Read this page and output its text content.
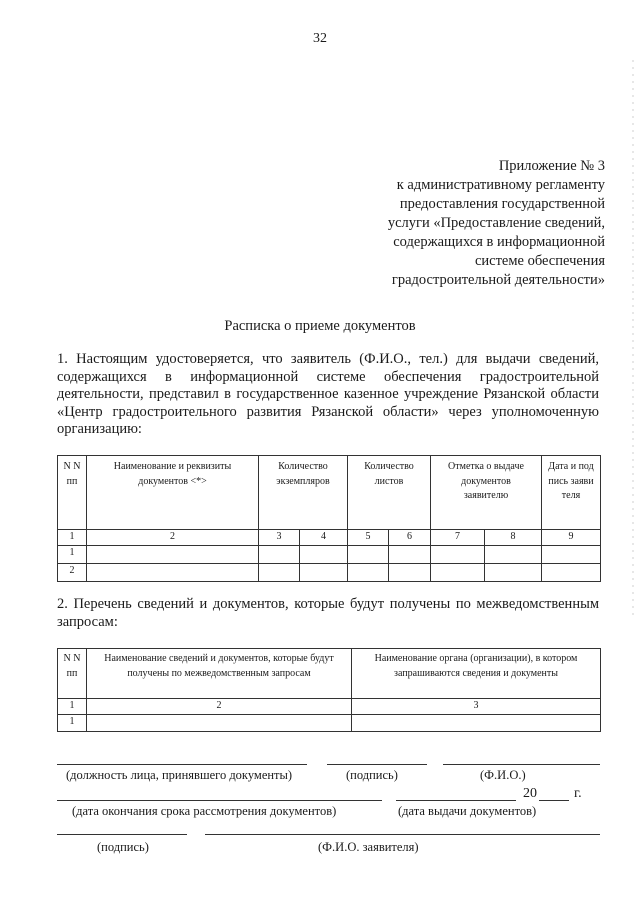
32
Приложение № 3
к административному регламенту
предоставления государственной
услуги «Предоставление сведений,
содержащихся в информационной
системе обеспечения
градостроительной деятельности»
Расписка о приеме документов
1. Настоящим удостоверяется, что заявитель (Ф.И.О., тел.) для выдачи сведений, содержащихся в информационной системе обеспечения градостроительной деятельности, представил в государственное казенное учреждение Рязанской области «Центр градостроительного развития Рязанской области» через уполномоченную организацию:
N N пп	Наименование и реквизиты документов <*>	Количество экземпляров		Количество листов		Отметка о выдаче документов заявителю		Дата и подпись заявителя
1	2	3	4	5	6	7	8	9
1								
2								
2. Перечень сведений и документов, которые будут получены по межведомственным запросам:
N N пп	Наименование сведений и документов, которые будут получены по межведомственным запросам	Наименование органа (организации), в котором запрашиваются сведения и документы
1	2	3
1		
(должность лица, принявшего документы)	(подпись)	(Ф.И.О.)
20	г.
(дата окончания срока рассмотрения документов)	(дата выдачи документов)
(подпись)	(Ф.И.О. заявителя)
